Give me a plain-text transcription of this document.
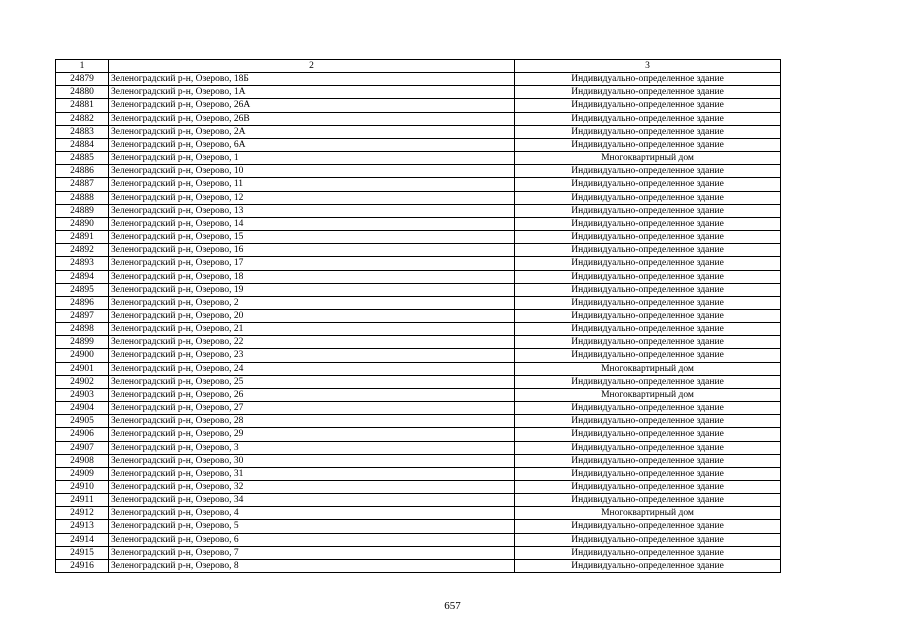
1	2	3
24879	Зеленоградский р-н, Озерово, 18Б	Индивидуально-определенное здание
24880	Зеленоградский р-н, Озерово, 1А	Индивидуально-определенное здание
24881	Зеленоградский р-н, Озерово, 26А	Индивидуально-определенное здание
24882	Зеленоградский р-н, Озерово, 26В	Индивидуально-определенное здание
24883	Зеленоградский р-н, Озерово, 2А	Индивидуально-определенное здание
24884	Зеленоградский р-н, Озерово, 6А	Индивидуально-определенное здание
24885	Зеленоградский р-н, Озерово, 1	Многоквартирный дом
24886	Зеленоградский р-н, Озерово, 10	Индивидуально-определенное здание
24887	Зеленоградский р-н, Озерово, 11	Индивидуально-определенное здание
24888	Зеленоградский р-н, Озерово, 12	Индивидуально-определенное здание
24889	Зеленоградский р-н, Озерово, 13	Индивидуально-определенное здание
24890	Зеленоградский р-н, Озерово, 14	Индивидуально-определенное здание
24891	Зеленоградский р-н, Озерово, 15	Индивидуально-определенное здание
24892	Зеленоградский р-н, Озерово, 16	Индивидуально-определенное здание
24893	Зеленоградский р-н, Озерово, 17	Индивидуально-определенное здание
24894	Зеленоградский р-н, Озерово, 18	Индивидуально-определенное здание
24895	Зеленоградский р-н, Озерово, 19	Индивидуально-определенное здание
24896	Зеленоградский р-н, Озерово, 2	Индивидуально-определенное здание
24897	Зеленоградский р-н, Озерово, 20	Индивидуально-определенное здание
24898	Зеленоградский р-н, Озерово, 21	Индивидуально-определенное здание
24899	Зеленоградский р-н, Озерово, 22	Индивидуально-определенное здание
24900	Зеленоградский р-н, Озерово, 23	Индивидуально-определенное здание
24901	Зеленоградский р-н, Озерово, 24	Многоквартирный дом
24902	Зеленоградский р-н, Озерово, 25	Индивидуально-определенное здание
24903	Зеленоградский р-н, Озерово, 26	Многоквартирный дом
24904	Зеленоградский р-н, Озерово, 27	Индивидуально-определенное здание
24905	Зеленоградский р-н, Озерово, 28	Индивидуально-определенное здание
24906	Зеленоградский р-н, Озерово, 29	Индивидуально-определенное здание
24907	Зеленоградский р-н, Озерово, 3	Индивидуально-определенное здание
24908	Зеленоградский р-н, Озерово, 30	Индивидуально-определенное здание
24909	Зеленоградский р-н, Озерово, 31	Индивидуально-определенное здание
24910	Зеленоградский р-н, Озерово, 32	Индивидуально-определенное здание
24911	Зеленоградский р-н, Озерово, 34	Индивидуально-определенное здание
24912	Зеленоградский р-н, Озерово, 4	Многоквартирный дом
24913	Зеленоградский р-н, Озерово, 5	Индивидуально-определенное здание
24914	Зеленоградский р-н, Озерово, 6	Индивидуально-определенное здание
24915	Зеленоградский р-н, Озерово, 7	Индивидуально-определенное здание
24916	Зеленоградский р-н, Озерово, 8	Индивидуально-определенное здание
657
